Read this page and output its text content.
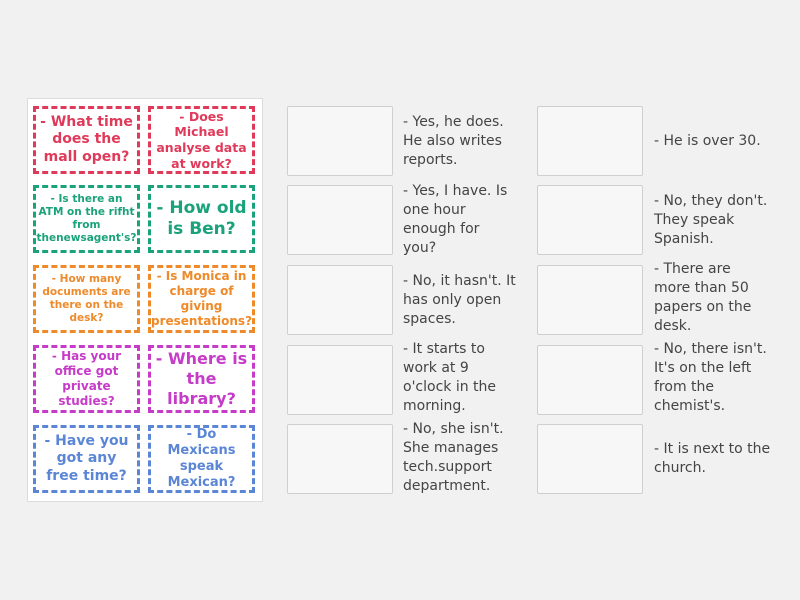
- What time does the mall open?
- Does Michael analyse data at work?
- Is there an ATM on the rifht from thenewsagent's?
- How old is Ben?
- How many documents are there on the desk?
- Is Monica in charge of giving presentations?
- Has your office got private studies?
- Where is the library?
- Have you got any free time?
- Do Mexicans speak Mexican?
- Yes, he does. He also writes reports.
- Yes, I have. Is one hour enough for you?
- No, it hasn't. It has only open spaces.
- It starts to work at 9 o'clock in the morning.
- No, she isn't. She manages tech.support department.
- He is over 30.
- No, they don't. They speak Spanish.
- There are more than 50 papers on the desk.
- No, there isn't. It's on the left from the chemist's.
- It is next to the church.
